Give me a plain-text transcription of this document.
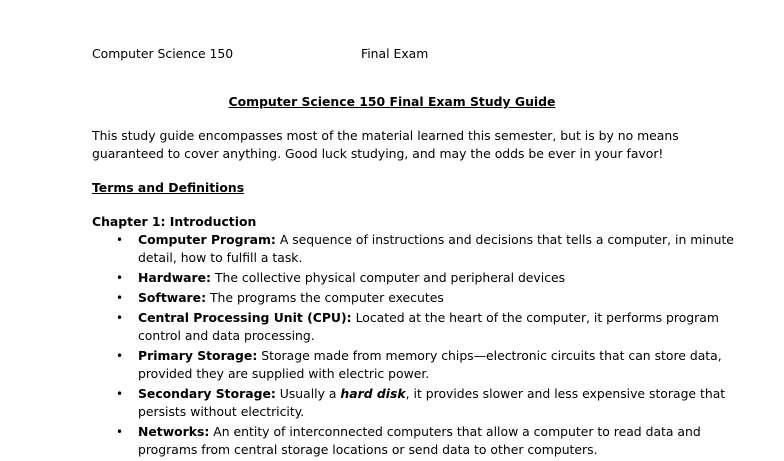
Computer Science 150	Final Exam
Computer Science 150 Final Exam Study Guide
This study guide encompasses most of the material learned this semester, but is by no means
guaranteed to cover anything. Good luck studying, and may the odds be ever in your favor!
Terms and Definitions
Chapter 1: Introduction
• Computer Program: A sequence of instructions and decisions that tells a computer, in minute
detail, how to fulfill a task.
• Hardware: The collective physical computer and peripheral devices
• Software: The programs the computer executes
• Central Processing Unit (CPU): Located at the heart of the computer, it performs program
control and data processing.
• Primary Storage: Storage made from memory chips—electronic circuits that can store data,
provided they are supplied with electric power.
• Secondary Storage: Usually a hard disk, it provides slower and less expensive storage that
persists without electricity.
• Networks: An entity of interconnected computers that allow a computer to read data and
programs from central storage locations or send data to other computers.
